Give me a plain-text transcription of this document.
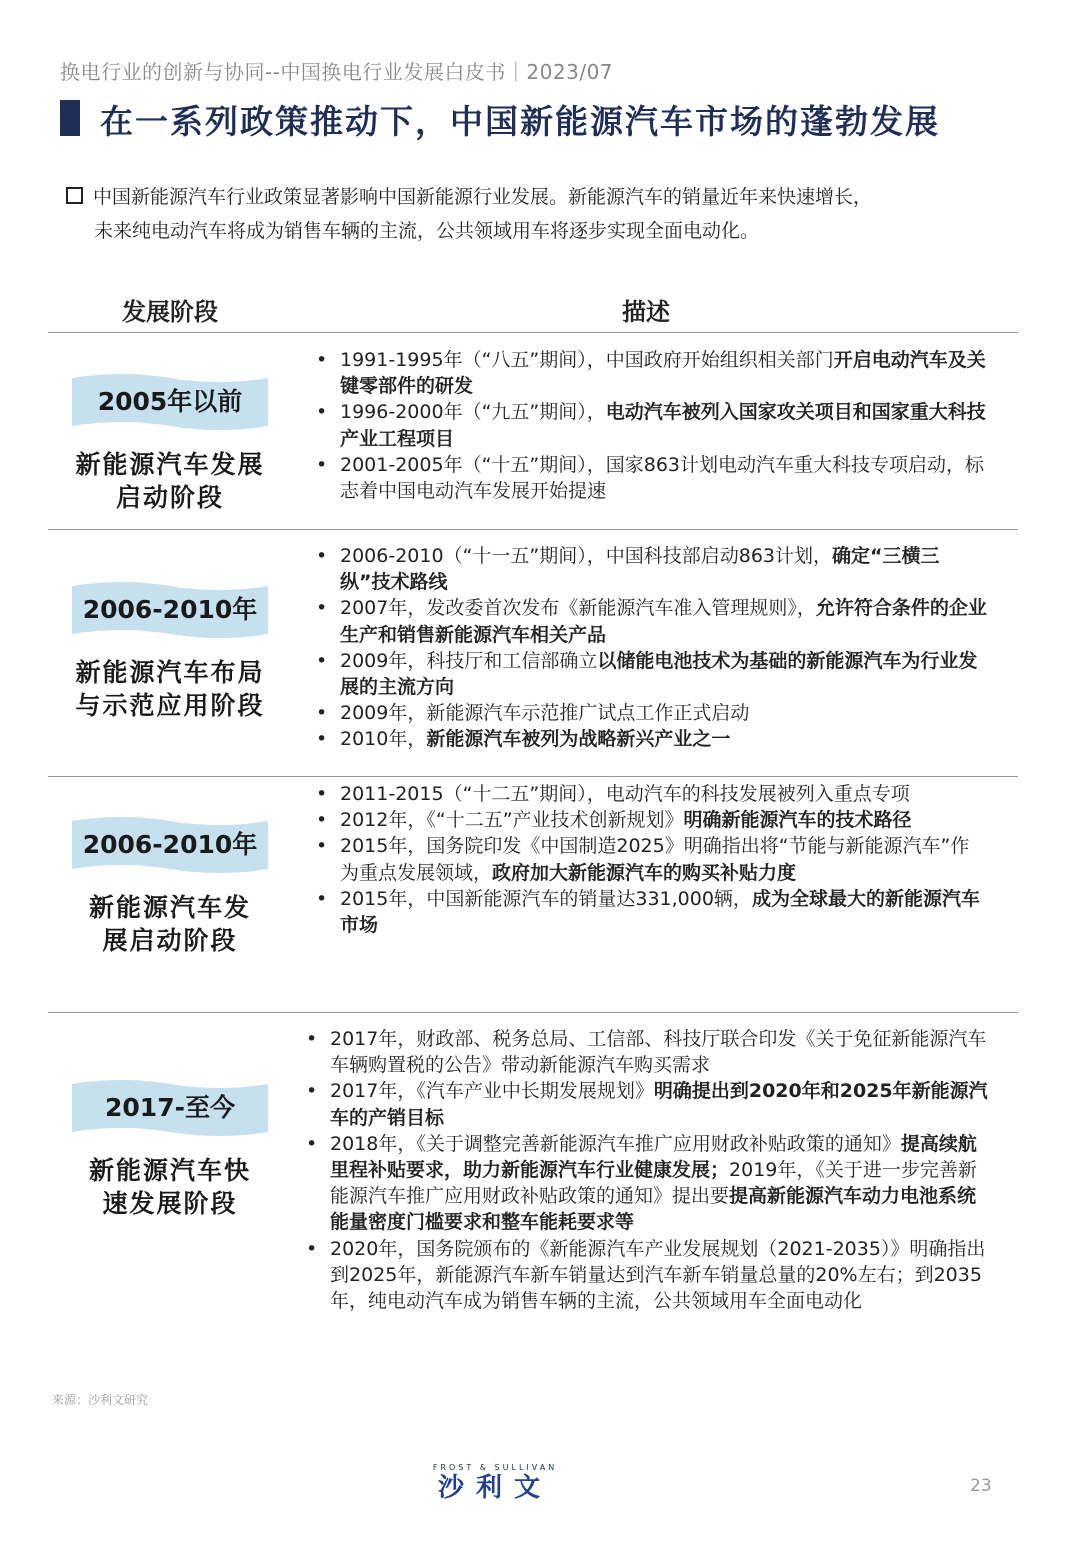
换电行业的创新与协同--中国换电行业发展白皮书｜2023/07
在一系列政策推动下，中国新能源汽车市场的蓬勃发展
中国新能源汽车行业政策显著影响中国新能源行业发展。新能源汽车的销量近年来快速增长，
未来纯电动汽车将成为销售车辆的主流，公共领域用车将逐步实现全面电动化。
发展阶段	描述
2005年以前
新能源汽车发展
启动阶段
• 1991-1995年（“八五”期间），中国政府开始组织相关部门开启电动汽车及关键零部件的研发
• 1996-2000年（“九五”期间），电动汽车被列入国家攻关项目和国家重大科技产业工程项目
• 2001-2005年（“十五”期间），国家863计划电动汽车重大科技专项启动，标志着中国电动汽车发展开始提速
2006-2010年
新能源汽车布局
与示范应用阶段
• 2006-2010（“十一五”期间），中国科技部启动863计划，确定“三横三纵”技术路线
• 2007年，发改委首次发布《新能源汽车准入管理规则》，允许符合条件的企业生产和销售新能源汽车相关产品
• 2009年，科技厅和工信部确立以储能电池技术为基础的新能源汽车为行业发展的主流方向
• 2009年，新能源汽车示范推广试点工作正式启动
• 2010年，新能源汽车被列为战略新兴产业之一
2006-2010年
新能源汽车发
展启动阶段
• 2011-2015（“十二五”期间），电动汽车的科技发展被列入重点专项
• 2012年，《“十二五”产业技术创新规划》明确新能源汽车的技术路径
• 2015年，国务院印发《中国制造2025》明确指出将“节能与新能源汽车”作为重点发展领域，政府加大新能源汽车的购买补贴力度
• 2015年，中国新能源汽车的销量达331,000辆，成为全球最大的新能源汽车市场
2017-至今
新能源汽车快
速发展阶段
• 2017年，财政部、税务总局、工信部、科技厅联合印发《关于免征新能源汽车车辆购置税的公告》带动新能源汽车购买需求
• 2017年，《汽车产业中长期发展规划》明确提出到2020年和2025年新能源汽车的产销目标
• 2018年，《关于调整完善新能源汽车推广应用财政补贴政策的通知》提高续航里程补贴要求，助力新能源汽车行业健康发展；2019年，《关于进一步完善新能源汽车推广应用财政补贴政策的通知》提出要提高新能源汽车动力电池系统能量密度门槛要求和整车能耗要求等
• 2020年，国务院颁布的《新能源汽车产业发展规划（2021-2035）》明确指出到2025年，新能源汽车新车销量达到汽车新车销量总量的20%左右；到2035年，纯电动汽车成为销售车辆的主流，公共领域用车全面电动化
来源：沙利文研究
FROST & SULLIVAN
沙利文	23
